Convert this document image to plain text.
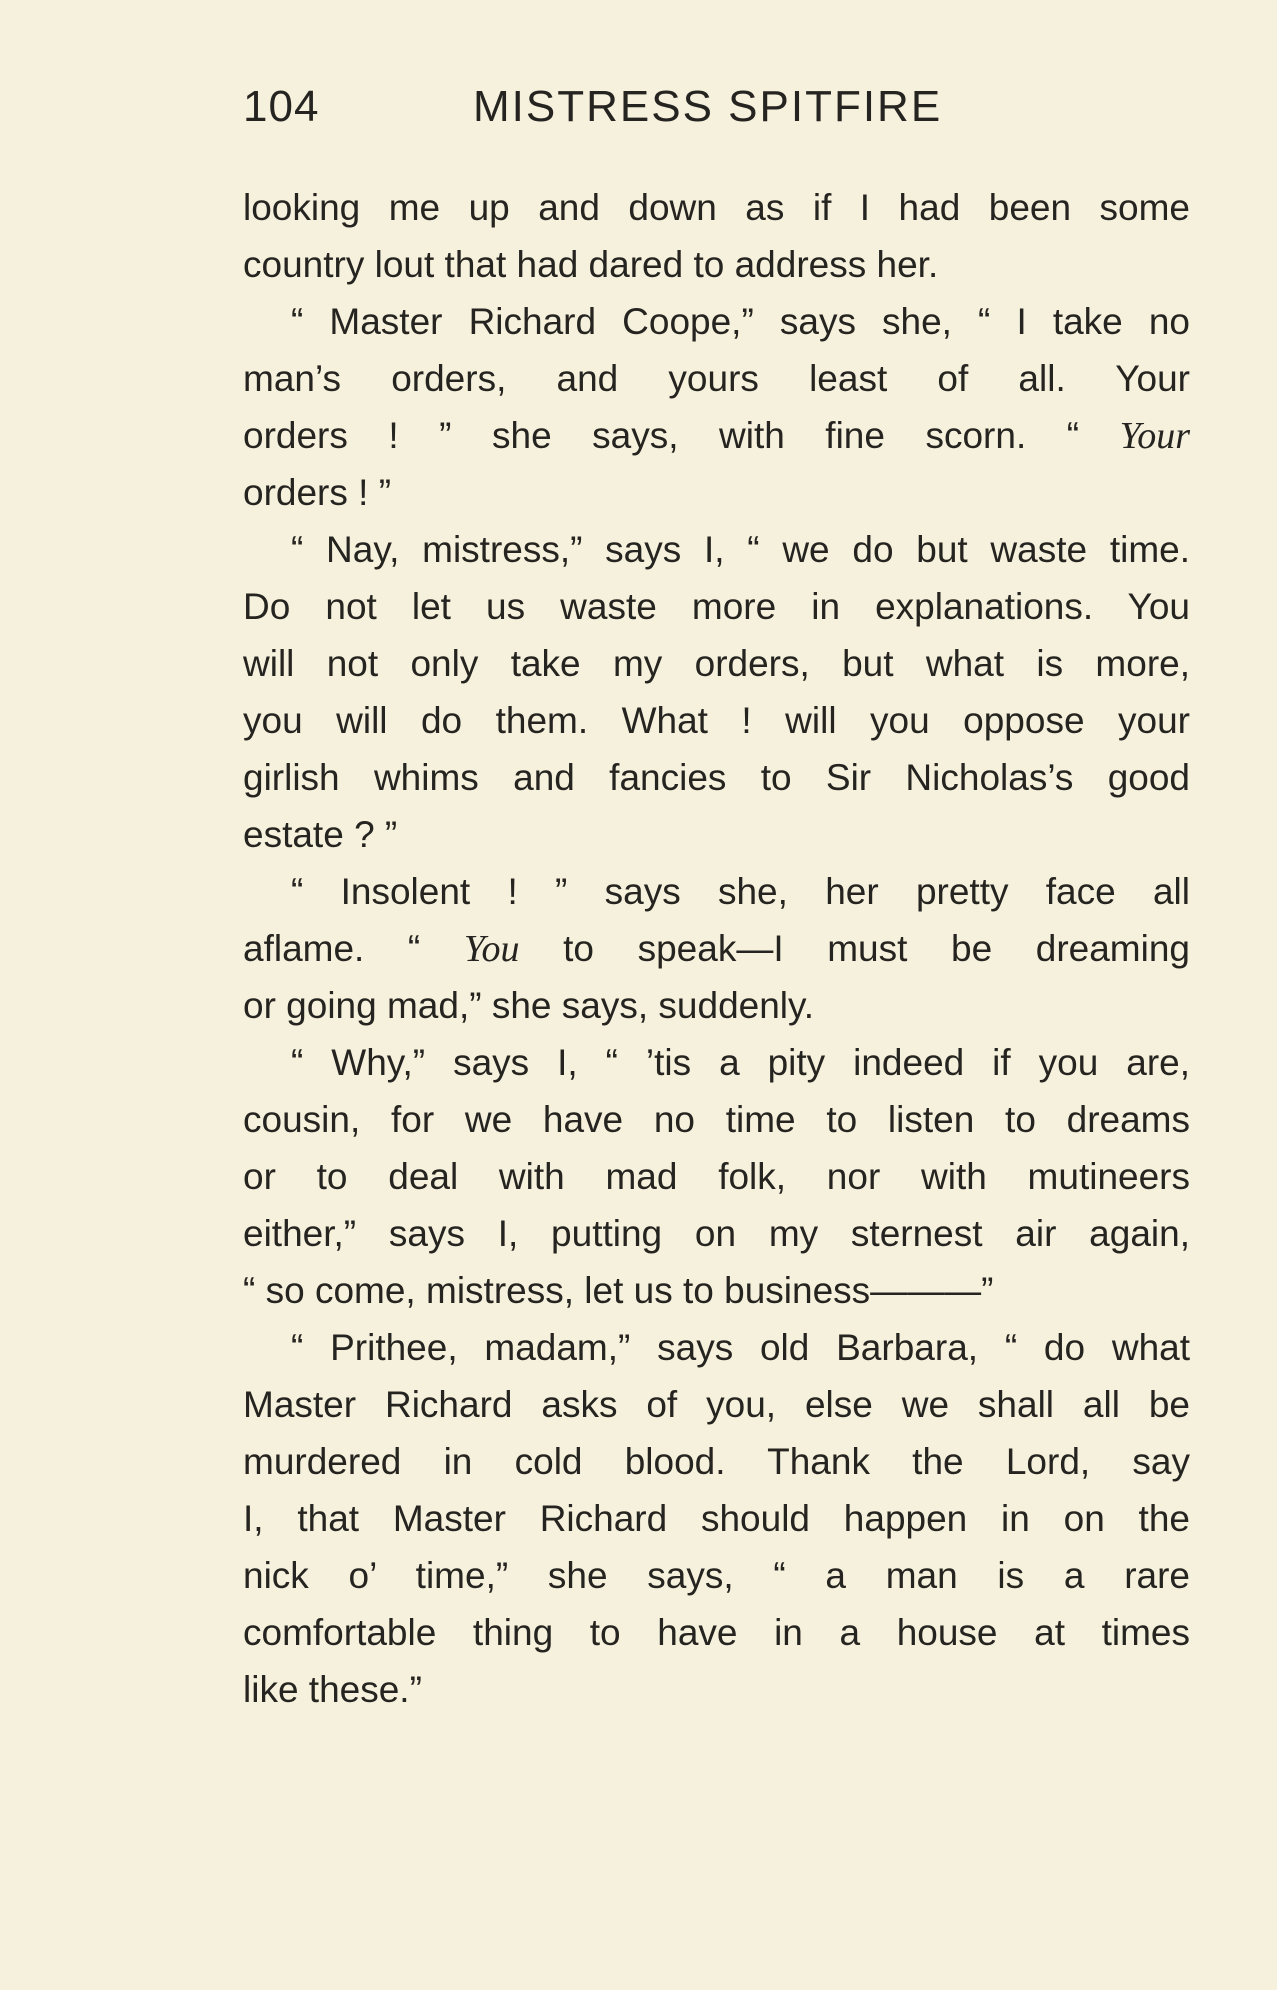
104	MISTRESS SPITFIRE
looking me up and down as if I had been some
country lout that had dared to address her.
“ Master Richard Coope,” says she, “ I take no
man’s orders, and yours least of all. Your
orders ! ” she says, with fine scorn. “ Your
orders ! ”
“ Nay, mistress,” says I, “ we do but waste time.
Do not let us waste more in explanations. You
will not only take my orders, but what is more,
you will do them. What ! will you oppose your
girlish whims and fancies to Sir Nicholas’s good
estate ? ”
“ Insolent ! ” says she, her pretty face all
aflame. “ You to speak—I must be dreaming
or going mad,” she says, suddenly.
“ Why,” says I, “ ’tis a pity indeed if you are,
cousin, for we have no time to listen to dreams
or to deal with mad folk, nor with mutineers
either,” says I, putting on my sternest air again,
“ so come, mistress, let us to business———”
“ Prithee, madam,” says old Barbara, “ do what
Master Richard asks of you, else we shall all be
murdered in cold blood. Thank the Lord, say
I, that Master Richard should happen in on the
nick o’ time,” she says, “ a man is a rare
comfortable thing to have in a house at times
like these.”
